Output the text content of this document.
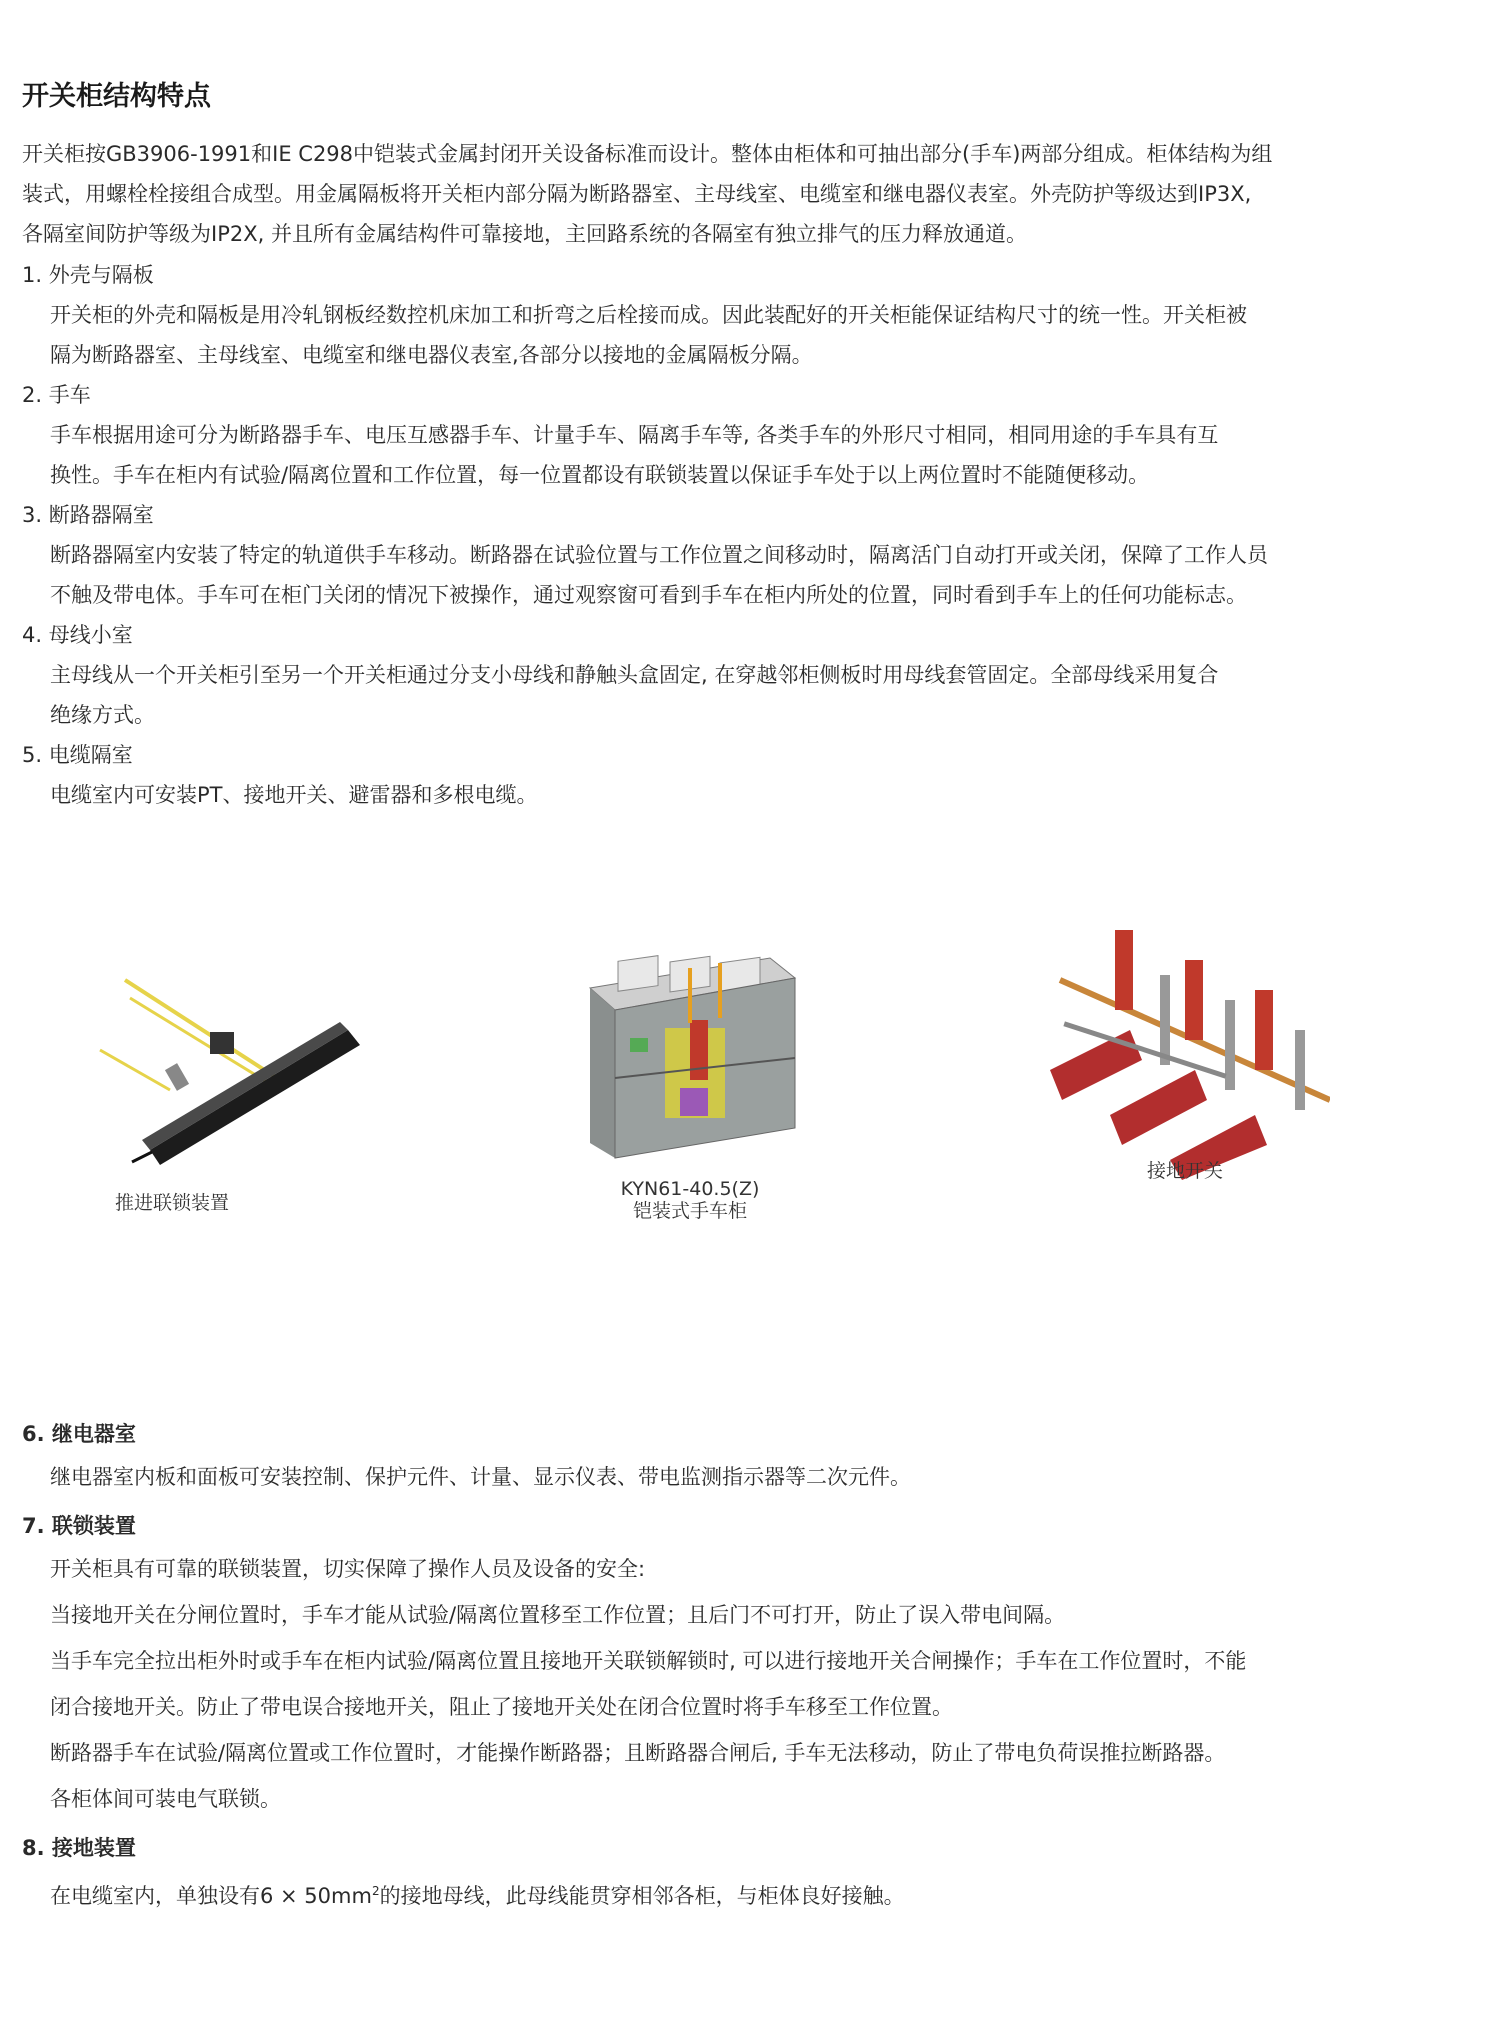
开关柜结构特点
开关柜按GB3906-1991和IE C298中铠装式金属封闭开关设备标准而设计。整体由柜体和可抽出部分(手车)两部分组成。柜体结构为组
装式，用螺栓栓接组合成型。用金属隔板将开关柜内部分隔为断路器室、主母线室、电缆室和继电器仪表室。外壳防护等级达到IP3X,
各隔室间防护等级为IP2X, 并且所有金属结构件可靠接地，主回路系统的各隔室有独立排气的压力释放通道。
1. 外壳与隔板
开关柜的外壳和隔板是用冷轧钢板经数控机床加工和折弯之后栓接而成。因此装配好的开关柜能保证结构尺寸的统一性。开关柜被
隔为断路器室、主母线室、电缆室和继电器仪表室,各部分以接地的金属隔板分隔。
2. 手车
手车根据用途可分为断路器手车、电压互感器手车、计量手车、隔离手车等, 各类手车的外形尺寸相同，相同用途的手车具有互
换性。手车在柜内有试验/隔离位置和工作位置，每一位置都设有联锁装置以保证手车处于以上两位置时不能随便移动。
3. 断路器隔室
断路器隔室内安装了特定的轨道供手车移动。断路器在试验位置与工作位置之间移动时，隔离活门自动打开或关闭，保障了工作人员
不触及带电体。手车可在柜门关闭的情况下被操作，通过观察窗可看到手车在柜内所处的位置，同时看到手车上的任何功能标志。
4. 母线小室
主母线从一个开关柜引至另一个开关柜通过分支小母线和静触头盒固定, 在穿越邻柜侧板时用母线套管固定。全部母线采用复合
绝缘方式。
5. 电缆隔室
电缆室内可安装PT、接地开关、避雷器和多根电缆。
推进联锁装置
KYN61-40.5(Z)
铠装式手车柜
接地开关
6. 继电器室
继电器室内板和面板可安装控制、保护元件、计量、显示仪表、带电监测指示器等二次元件。
7. 联锁装置
开关柜具有可靠的联锁装置，切实保障了操作人员及设备的安全:
当接地开关在分闸位置时，手车才能从试验/隔离位置移至工作位置；且后门不可打开，防止了误入带电间隔。
当手车完全拉出柜外时或手车在柜内试验/隔离位置且接地开关联锁解锁时, 可以进行接地开关合闸操作；手车在工作位置时，不能
闭合接地开关。防止了带电误合接地开关，阻止了接地开关处在闭合位置时将手车移至工作位置。
断路器手车在试验/隔离位置或工作位置时，才能操作断路器；且断路器合闸后, 手车无法移动，防止了带电负荷误推拉断路器。
各柜体间可装电气联锁。
8. 接地装置
在电缆室内，单独设有$6 \times 50mm^2$的接地母线，此母线能贯穿相邻各柜，与柜体良好接触。
